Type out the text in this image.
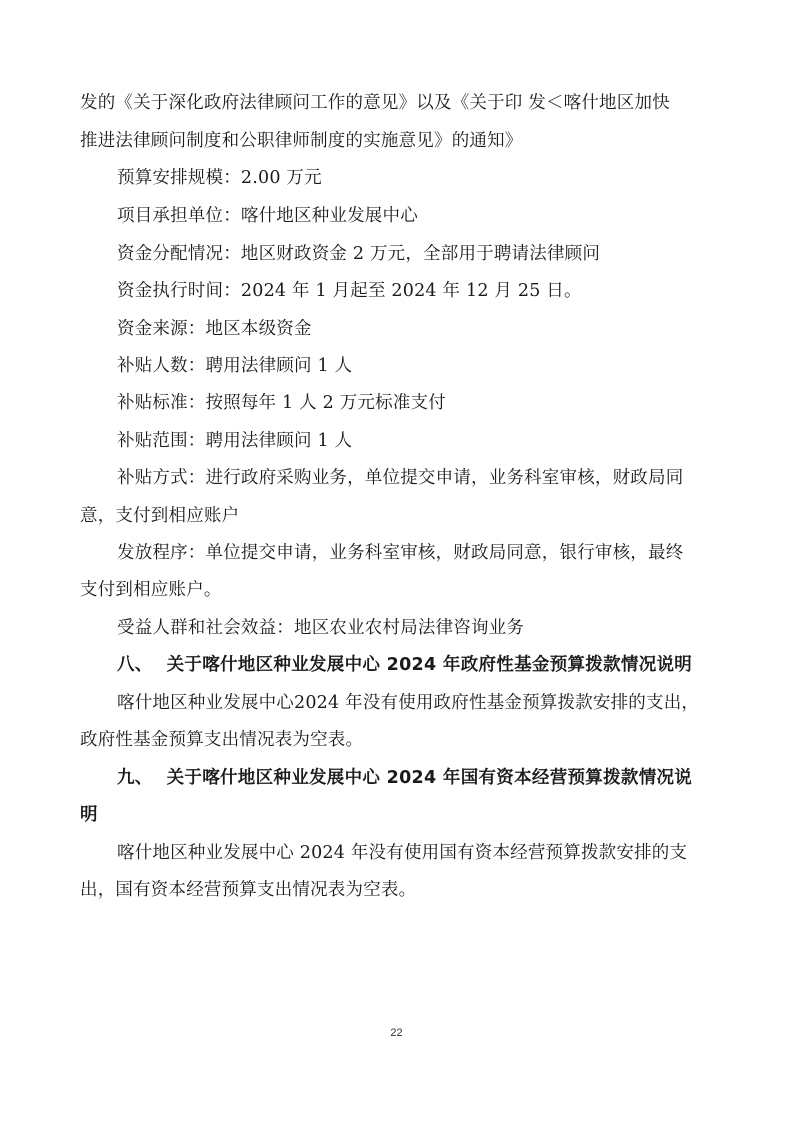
发的《关于深化政府法律顾问工作的意见》以及《关于印 发＜喀什地区加快
推进法律顾问制度和公职律师制度的实施意见》的通知》
预算安排规模：2.00 万元
项目承担单位：喀什地区种业发展中心
资金分配情况：地区财政资金 2 万元，全部用于聘请法律顾问
资金执行时间：2024 年 1 月起至 2024 年 12 月 25 日。
资金来源：地区本级资金
补贴人数：聘用法律顾问 1 人
补贴标准：按照每年 1 人 2 万元标准支付
补贴范围：聘用法律顾问 1 人
补贴方式：进行政府采购业务，单位提交申请，业务科室审核，财政局同
意，支付到相应账户
发放程序：单位提交申请，业务科室审核，财政局同意，银行审核，最终
支付到相应账户。
受益人群和社会效益：地区农业农村局法律咨询业务
八、 关于喀什地区种业发展中心 2024 年政府性基金预算拨款情况说明
喀什地区种业发展中心2024 年没有使用政府性基金预算拨款安排的支出，
政府性基金预算支出情况表为空表。
九、 关于喀什地区种业发展中心 2024 年国有资本经营预算拨款情况说
明
喀什地区种业发展中心 2024 年没有使用国有资本经营预算拨款安排的支
出，国有资本经营预算支出情况表为空表。
22
